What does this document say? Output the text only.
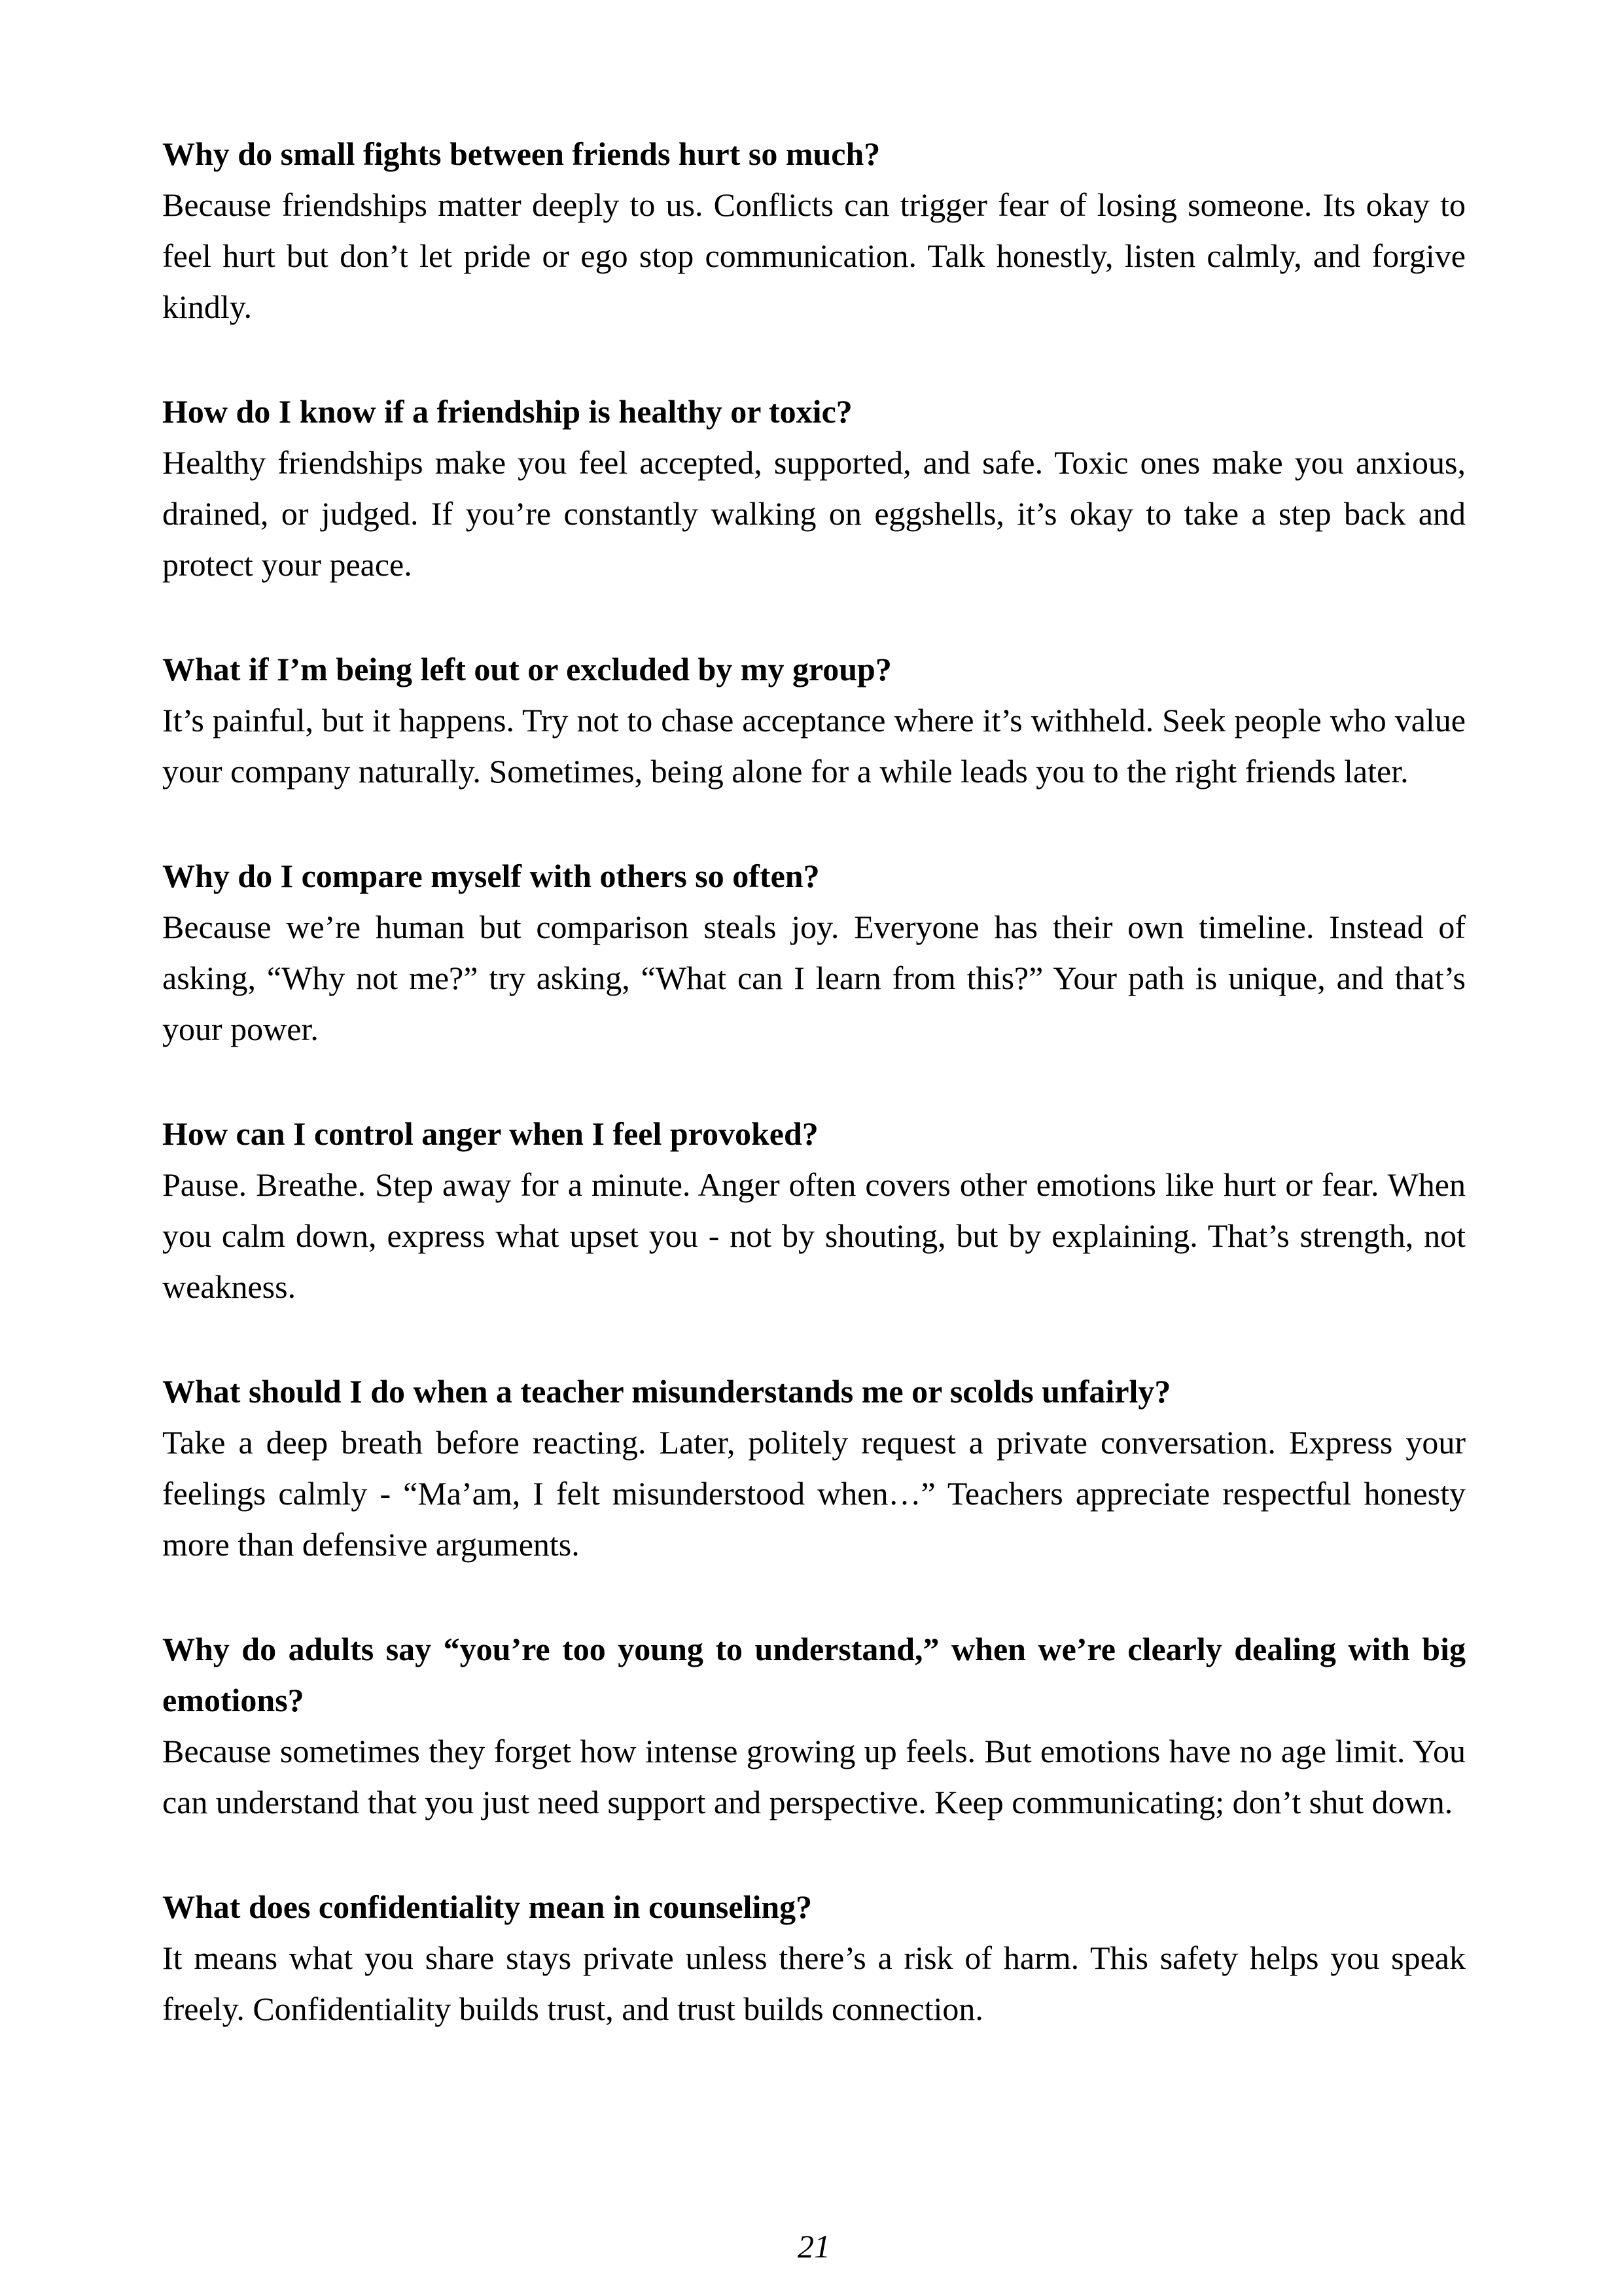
Why do small fights between friends hurt so much?

Because friendships matter deeply to us. Conflicts can trigger fear of losing someone. Its okay to feel hurt but don’t let pride or ego stop communication. Talk honestly, listen calmly, and forgive kindly.

How do I know if a friendship is healthy or toxic?

Healthy friendships make you feel accepted, supported, and safe. Toxic ones make you anxious, drained, or judged. If you’re constantly walking on eggshells, it’s okay to take a step back and protect your peace.

What if I’m being left out or excluded by my group?

It’s painful, but it happens. Try not to chase acceptance where it’s withheld. Seek people who value your company naturally. Sometimes, being alone for a while leads you to the right friends later.

Why do I compare myself with others so often?

Because we’re human but comparison steals joy. Everyone has their own timeline. Instead of asking, “Why not me?” try asking, “What can I learn from this?” Your path is unique, and that’s your power.

How can I control anger when I feel provoked?

Pause. Breathe. Step away for a minute. Anger often covers other emotions like hurt or fear. When you calm down, express what upset you - not by shouting, but by explaining. That’s strength, not weakness.

What should I do when a teacher misunderstands me or scolds unfairly?

Take a deep breath before reacting. Later, politely request a private conversation. Express your feelings calmly - “Ma’am, I felt misunderstood when…” Teachers appreciate respectful honesty more than defensive arguments.

Why do adults say “you’re too young to understand,” when we’re clearly dealing with big emotions?

Because sometimes they forget how intense growing up feels. But emotions have no age limit. You can understand that you just need support and perspective. Keep communicating; don’t shut down.

What does confidentiality mean in counseling?

It means what you share stays private unless there’s a risk of harm. This safety helps you speak freely. Confidentiality builds trust, and trust builds connection.

21
